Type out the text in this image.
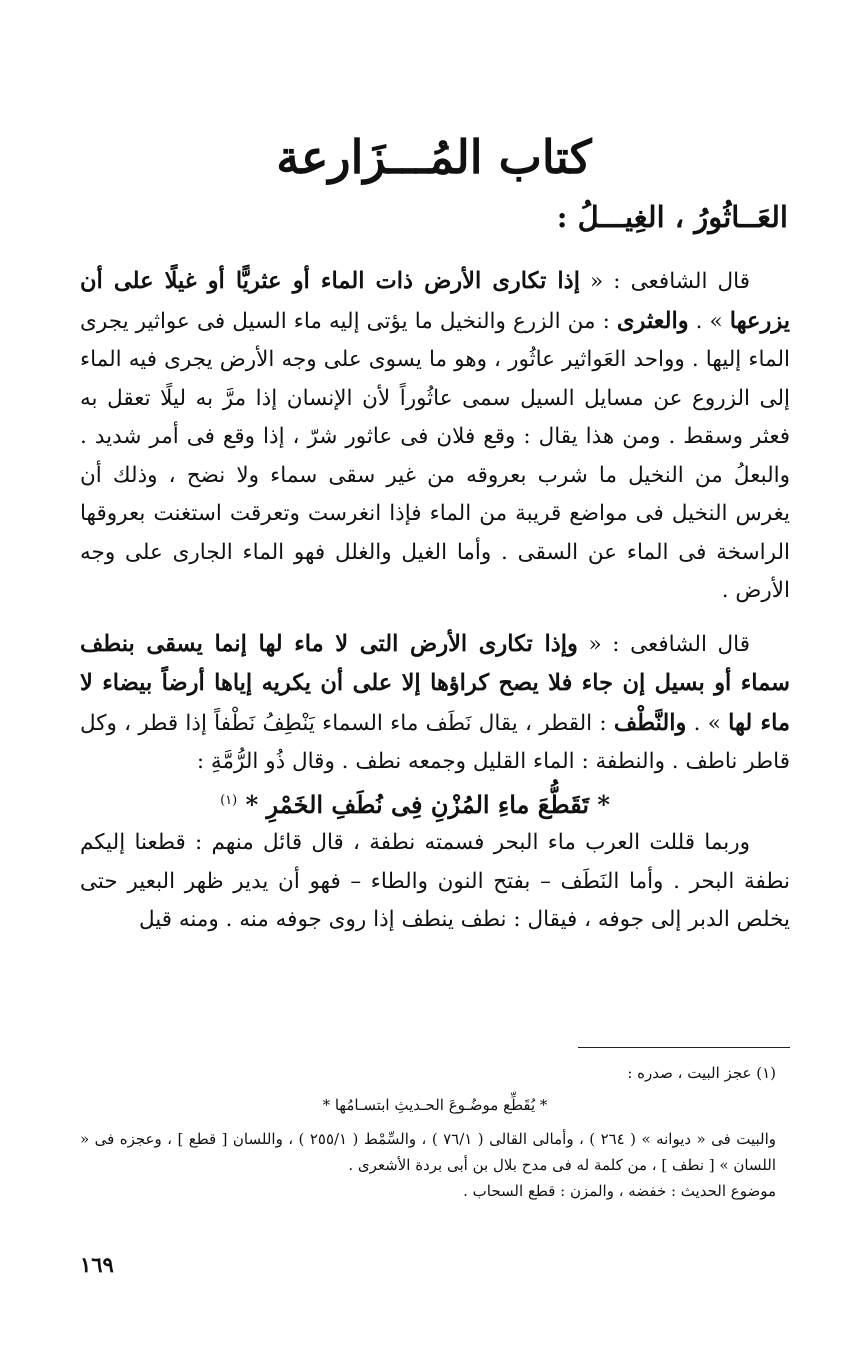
كتاب المُـــزَارعة
العَــاثُورُ ، الغِيـــلُ :

قال الشافعى : « إذا تكارى الأرض ذات الماء أو عثريًّا أو غيلًا على أن يزرعها » . والعثرى : من الزرع والنخيل ما يؤتى إليه ماء السيل فى عواثير يجرى الماء إليها . وواحد العَواثير عاثُور ، وهو ما يسوى على وجه الأرض يجرى فيه الماء إلى الزروع عن مسايل السيل سمى عاثُوراً لأن الإنسان إذا مرَّ به ليلًا تعقل به فعثر وسقط . ومن هذا يقال : وقع فلان فى عاثور شرّ ، إذا وقع فى أمر شديد . والبعلُ من النخيل ما شرب بعروقه من غير سقى سماء ولا نضح ، وذلك أن يغرس النخيل فى مواضع قريبة من الماء فإذا انغرست وتعرقت استغنت بعروقها الراسخة فى الماء عن السقى . وأما الغيل والغلل فهو الماء الجارى على وجه الأرض .

قال الشافعى : « وإذا تكارى الأرض التى لا ماء لها إنما يسقى بنطف سماء أو بسيل إن جاء فلا يصح كراؤها إلا على أن يكريه إياها أرضاً بيضاء لا ماء لها » . والنَّطْف : القطر ، يقال نَطَف ماء السماء يَنْطِفُ نَطْفاً إذا قطر ، وكل قاطر ناطف . والنطفة : الماء القليل وجمعه نطف . وقال ذُو الرُّمَّةِ :

* تَقَطُّعَ ماءِ المُزْنِ فِى نُطَفِ الخَمْرِ * $^{(١)}$

وربما قللت العرب ماء البحر فسمته نطفة ، قال قائل منهم : قطعنا إليكم نطفة البحر . وأما النَطَف – بفتح النون والطاء – فهو أن يدير ظهر البعير حتى يخلص الدبر إلى جوفه ، فيقال : نطف ينطف إذا روى جوفه منه . ومنه قيل

(١) عجز البيت ، صدره :

* يُقَطِّع موضُـوعَ الحـديثِ ابتسـامُها *

والبيت فى « ديوانه » ( ٢٦٤ ) ، وأمالى القالى ( ٧٦/١ ) ، والسِّمْط ( ٢٥٥/١ ) ، واللسان [ قطع ] ، وعجزه فى « اللسان » [ نطف ] ، من كلمة له فى مدح بلال بن أبى بردة الأشعرى .

موضوع الحديث : خفضه ، والمزن : قطع السحاب .

١٦٩
